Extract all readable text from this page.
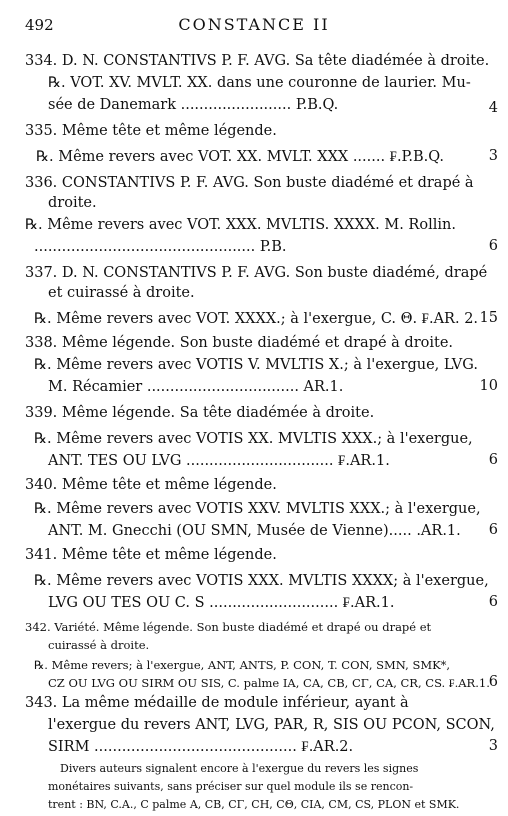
492	CONSTANCE II
334. D. N. CONSTANTIVS P. F. AVG. Sa tête diadémée à droite.
℞. VOT. XV. MVLT. XX. dans une couronne de laurier. Mu-
sée de Danemark ........................ P.B.Q.
335. Même tête et même légende.
℞. Même revers avec VOT. XX. MVLT. XXX ....... ₣.P.B.Q.
336. CONSTANTIVS P. F. AVG. Son buste diadémé et drapé à
droite.
℞. Même revers avec VOT. XXX. MVLTIS. XXXX. M. Rollin.
................................................ P.B.
337. D. N. CONSTANTIVS P. F. AVG. Son buste diadémé, drapé
et cuirassé à droite.
℞. Même revers avec VOT. XXXX.; à l'exergue, C. Θ. ₣.AR. 2.
338. Même légende. Son buste diadémé et drapé à droite.
℞. Même revers avec VOTIS V. MVLTIS X.; à l'exergue, LVG.
M. Récamier ................................. AR.1.
339. Même légende. Sa tête diadémée à droite.
℞. Même revers avec VOTIS XX. MVLTIS XXX.; à l'exergue,
ANT. TES OU LVG ................................ ₣.AR.1.
340. Même tête et même légende.
℞. Même revers avec VOTIS XXV. MVLTIS XXX.; à l'exergue,
ANT. M. Gnecchi (OU SMN, Musée de Vienne)..... .AR.1.
341. Même tête et même légende.
℞. Même revers avec VOTIS XXX. MVLTIS XXXX; à l'exergue,
LVG OU TES OU C. S ............................ ₣.AR.1.
342. Variété. Même légende. Son buste diadémé et drapé ou drapé et
cuirassé à droite.
℞. Même revers; à l'exergue, ANT, ANTS, P. CON, T. CON, SMN, SMK*,
CZ OU LVG OU SIRM OU SIS, C. palme IA, CA, CB, CΓ, CA, CR, CS. ₣.AR.1.
343. La même médaille de module inférieur, ayant à
l'exergue du revers ANT, LVG, PAR, R, SIS OU PCON, SCON,
SIRM ............................................ ₣.AR.2.
Divers auteurs signalent encore à l'exergue du revers les signes
monétaires suivants, sans préciser sur quel module ils se rencon-
trent : BN, C.A., C palme A, CB, CΓ, CH, CΘ, CIA, CM, CS, PLON et SMK.
4
3
6
15
10
6
6
6
6
3
